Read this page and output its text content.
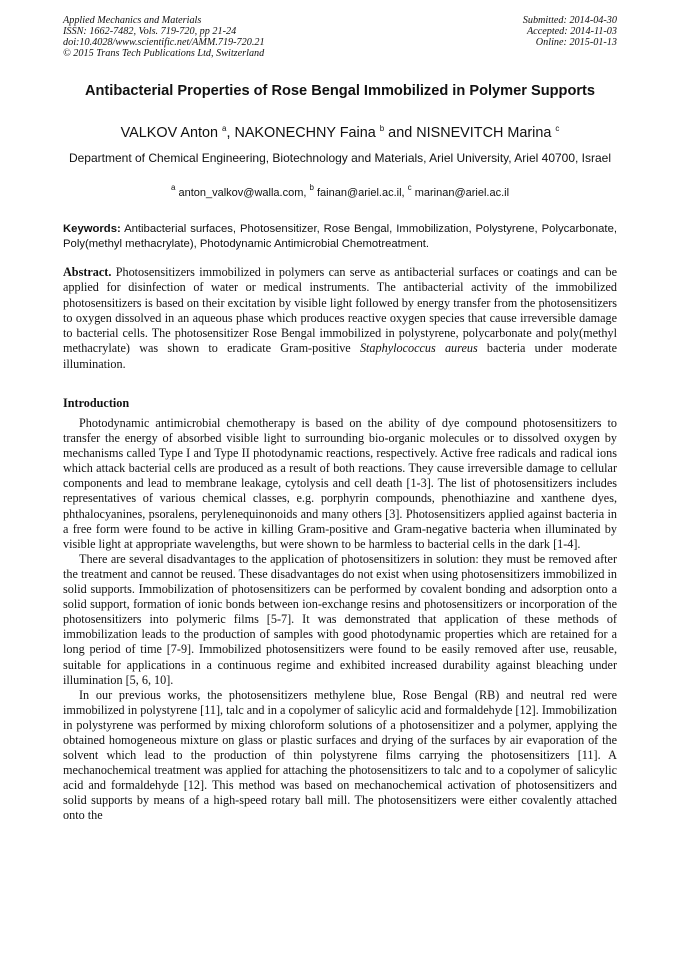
Applied Mechanics and Materials
ISSN: 1662-7482, Vols. 719-720, pp 21-24
doi:10.4028/www.scientific.net/AMM.719-720.21
© 2015 Trans Tech Publications Ltd, Switzerland
Submitted: 2014-04-30
Accepted: 2014-11-03
Online: 2015-01-13
Antibacterial Properties of Rose Bengal Immobilized in Polymer Supports
VALKOV Anton $^a$, NAKONECHNY Faina $^b$ and NISNEVITCH Marina $^c$
Department of Chemical Engineering, Biotechnology and Materials, Ariel University, Ariel 40700, Israel
$^a$ anton_valkov@walla.com, $^b$ fainan@ariel.ac.il, $^c$ marinan@ariel.ac.il
Keywords: Antibacterial surfaces, Photosensitizer, Rose Bengal, Immobilization, Polystyrene, Polycarbonate, Poly(methyl methacrylate), Photodynamic Antimicrobial Chemotreatment.
Abstract. Photosensitizers immobilized in polymers can serve as antibacterial surfaces or coatings and can be applied for disinfection of water or medical instruments. The antibacterial activity of the immobilized photosensitizers is based on their excitation by visible light followed by energy transfer from the photosensitizers to oxygen dissolved in an aqueous phase which produces reactive oxygen species that cause irreversible damage to bacterial cells. The photosensitizer Rose Bengal immobilized in polystyrene, polycarbonate and poly(methyl methacrylate) was shown to eradicate Gram-positive Staphylococcus aureus bacteria under moderate illumination.
Introduction

Photodynamic antimicrobial chemotherapy is based on the ability of dye compound photosensitizers to transfer the energy of absorbed visible light to surrounding bio-organic molecules or to dissolved oxygen by mechanisms called Type I and Type II photodynamic reactions, respectively. Active free radicals and radical ions which attack bacterial cells are produced as a result of both reactions. They cause irreversible damage to cellular components and lead to membrane leakage, cytolysis and cell death [1-3]. The list of photosensitizers includes representatives of various chemical classes, e.g. porphyrin compounds, phenothiazine and xanthene dyes, phthalocyanines, psoralens, perylenequinonoids and many others [3]. Photosensitizers applied against bacteria in a free form were found to be active in killing Gram-positive and Gram-negative bacteria when illuminated by visible light at appropriate wavelengths, but were shown to be harmless to bacterial cells in the dark [1-4].

There are several disadvantages to the application of photosensitizers in solution: they must be removed after the treatment and cannot be reused. These disadvantages do not exist when using photosensitizers immobilized in solid supports. Immobilization of photosensitizers can be performed by covalent bonding and adsorption onto a solid support, formation of ionic bonds between ion-exchange resins and photosensitizers or incorporation of the photosensitizers into polymeric films [5-7]. It was demonstrated that application of these methods of immobilization leads to the production of samples with good photodynamic properties which are retained for a long period of time [7-9]. Immobilized photosensitizers were found to be easily removed after use, reusable, suitable for applications in a continuous regime and exhibited increased durability against bleaching under illumination [5, 6, 10].

In our previous works, the photosensitizers methylene blue, Rose Bengal (RB) and neutral red were immobilized in polystyrene [11], talc and in a copolymer of salicylic acid and formaldehyde [12]. Immobilization in polystyrene was performed by mixing chloroform solutions of a photosensitizer and a polymer, applying the obtained homogeneous mixture on glass or plastic surfaces and drying of the surfaces by air evaporation of the solvent which lead to the production of thin polystyrene films carrying the photosensitizers [11]. A mechanochemical treatment was applied for attaching the photosensitizers to talc and to a copolymer of salicylic acid and formaldehyde [12]. This method was based on mechanochemical activation of photosensitizers and solid supports by means of a high-speed rotary ball mill. The photosensitizers were either covalently attached onto the
